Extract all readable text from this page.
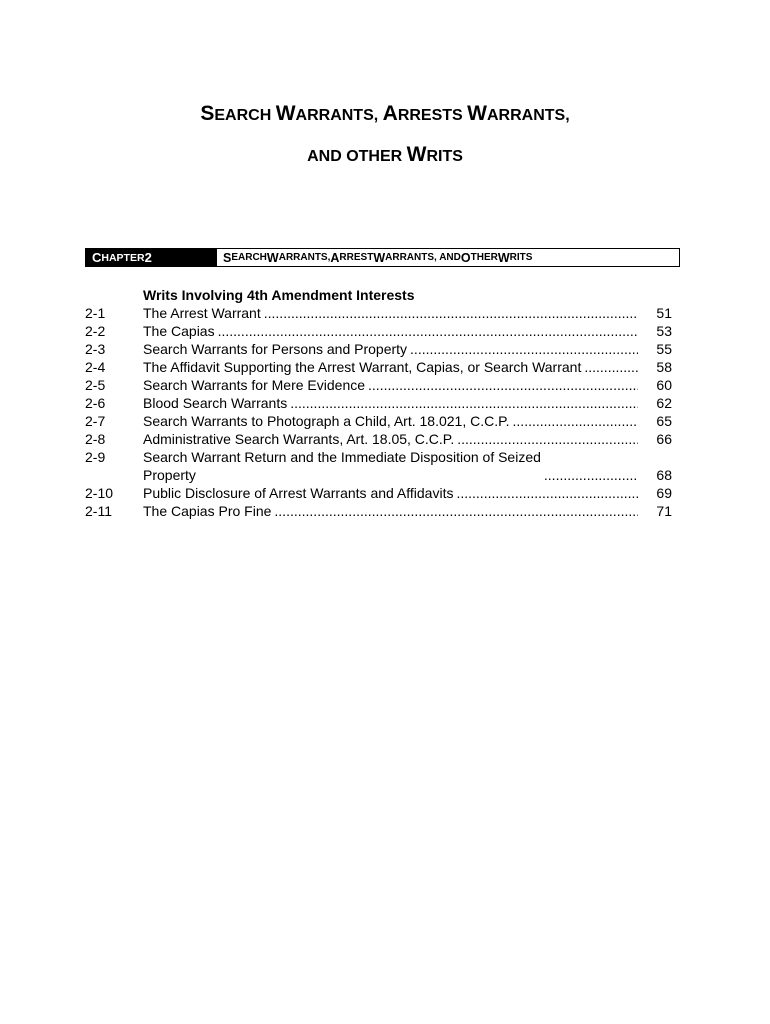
SEARCH WARRANTS, ARRESTS WARRANTS,
AND OTHER WRITS
C HAPTER 2	S EARCH W ARRANTS, A RREST W ARRANTS, AND O THER W RITS
Writs Involving 4th Amendment Interests
2-1	The Arrest Warrant .....	51
2-2	The Capias .....	53
2-3	Search Warrants for Persons and Property .....	55
2-4	The Affidavit Supporting the Arrest Warrant, Capias, or Search Warrant .....	58
2-5	Search Warrants for Mere Evidence .....	60
2-6	Blood Search Warrants .....	62
2-7	Search Warrants to Photograph a Child, Art. 18.021, C.C.P. .....	65
2-8	Administrative Search Warrants, Art. 18.05, C.C.P. .....	66
2-9	Search Warrant Return and the Immediate Disposition of Seized
Property .....	68
2-10	Public Disclosure of Arrest Warrants and Affidavits .....	69
2-11	The Capias Pro Fine .....	71
